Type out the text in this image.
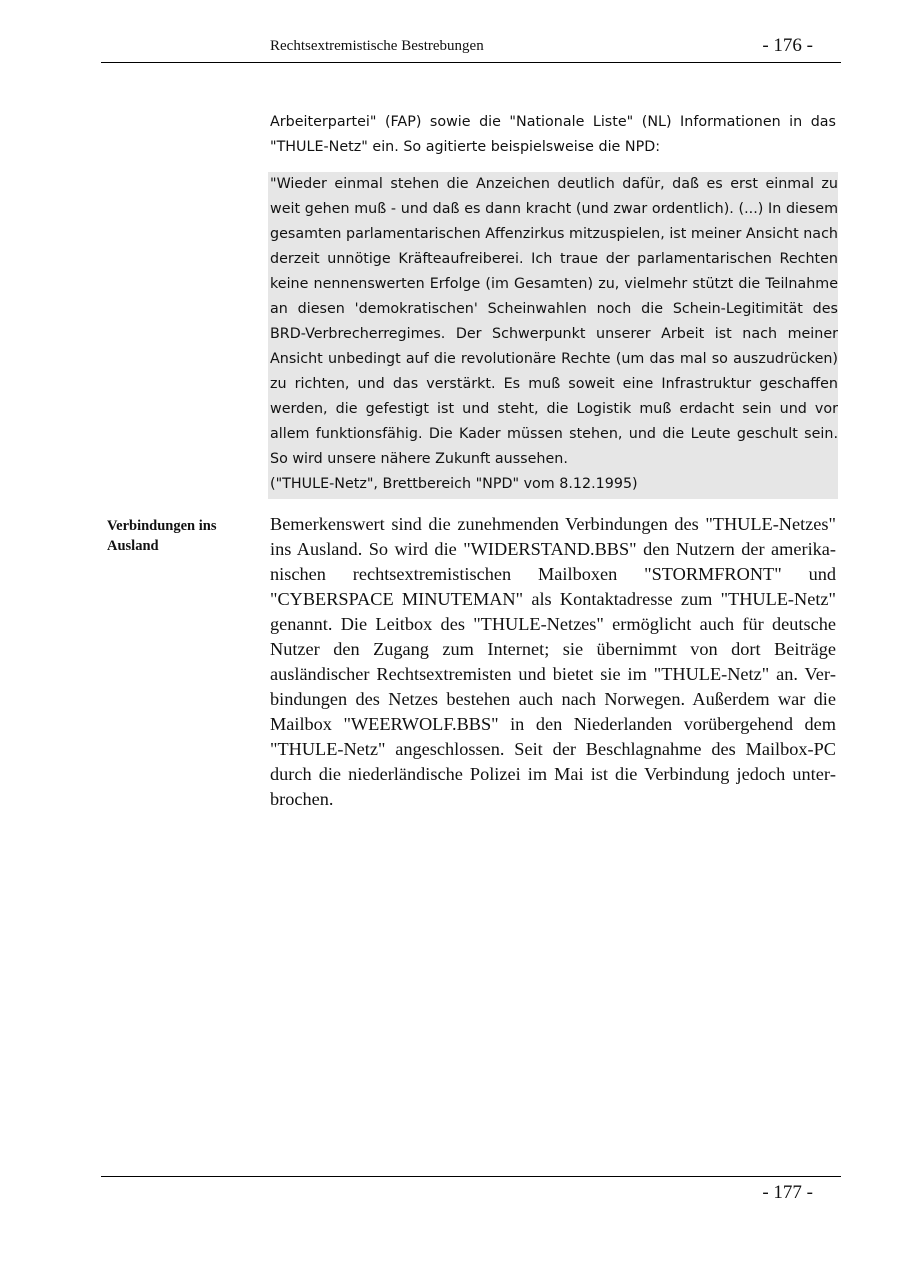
Rechtsextremistische Bestrebungen	- 176 -

Arbeiterpartei" (FAP) sowie die "Nationale Liste" (NL) Informationen in das "THULE-Netz" ein. So agitierte beispielsweise die NPD:

"Wieder einmal stehen die Anzeichen deutlich dafür, daß es erst einmal zu weit gehen muß - und daß es dann kracht (und zwar ordentlich). (...) In diesem gesamten parlamentarischen Affenzirkus mitzuspielen, ist meiner Ansicht nach derzeit unnötige Kräfteaufreiberei. Ich traue der parlamentarischen Rechten keine nennenswerten Erfolge (im Gesamten) zu, vielmehr stützt die Teilnahme an diesen 'demokratischen' Scheinwahlen noch die Schein-Legitimität des BRD-Verbrecherregimes. Der Schwerpunkt unserer Arbeit ist nach meiner Ansicht unbedingt auf die revolutionäre Rechte (um das mal so auszudrücken) zu richten, und das verstärkt. Es muß soweit eine Infrastruktur geschaffen werden, die gefestigt ist und steht, die Logistik muß erdacht sein und vor allem funktionsfähig. Die Kader müssen stehen, und die Leute geschult sein. So wird unsere nähere Zukunft aussehen.

("THULE-Netz", Brettbereich "NPD" vom 8.12.1995)

Verbindungen ins Ausland

Bemerkenswert sind die zunehmenden Verbindungen des "THULE-Netzes" ins Ausland. So wird die "WIDERSTAND.BBS" den Nutzern der amerikanischen rechtsextremistischen Mailboxen "STORMFRONT" und "CYBERSPACE MINUTEMAN" als Kontaktadresse zum "THULE-Netz" genannt. Die Leitbox des "THULE-Netzes" ermöglicht auch für deutsche Nutzer den Zugang zum Internet; sie übernimmt von dort Beiträge ausländischer Rechtsextremisten und bietet sie im "THULE-Netz" an. Verbindungen des Netzes bestehen auch nach Norwegen. Außerdem war die Mailbox "WEERWOLF.BBS" in den Niederlanden vorübergehend dem "THULE-Netz" angeschlossen. Seit der Beschlagnahme des Mailbox-PC durch die niederländische Polizei im Mai ist die Verbindung jedoch unterbrochen.

- 177 -
